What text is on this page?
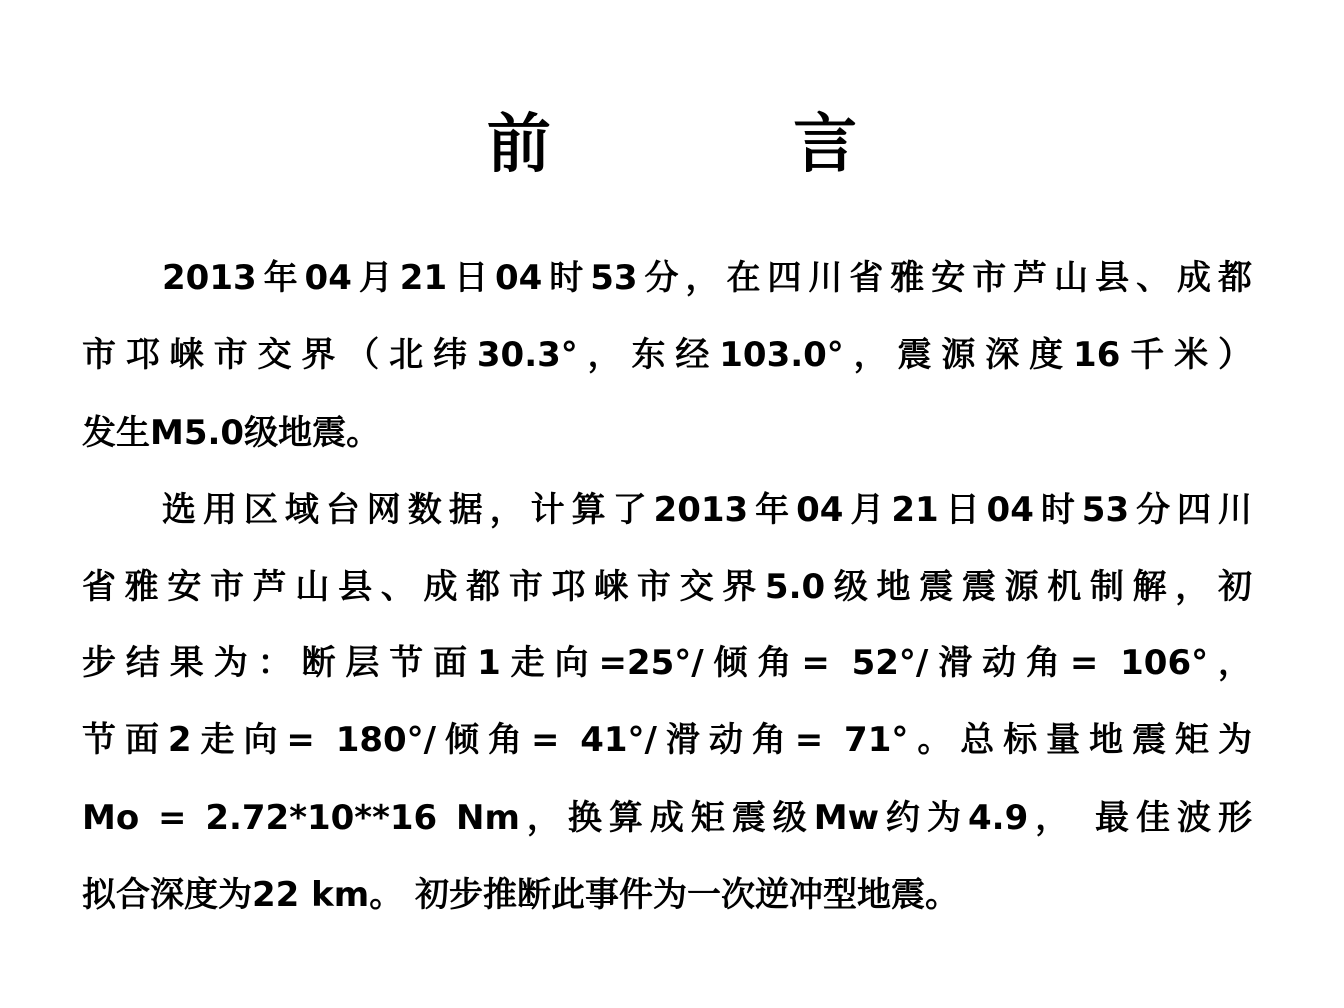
前 言
2013年04月21日04时53分，在四川省雅安市芦山县、成都
市邛崃市交界（北纬30.3°，东经103.0°，震源深度16千米）
发生M5.0级地震。
选用区域台网数据，计算了2013年04月21日04时53分四川
省雅安市芦山县、成都市邛崃市交界5.0级地震震源机制解，初
步结果为：断层节面1走向=25°/倾角= 52°/滑动角= 106°，
节面2走向= 180°/倾角= 41°/滑动角= 71°。总标量地震矩为
Mo = 2.72*10**16 Nm，换算成矩震级Mw约为4.9， 最佳波形
拟合深度为22 km。 初步推断此事件为一次逆冲型地震。
